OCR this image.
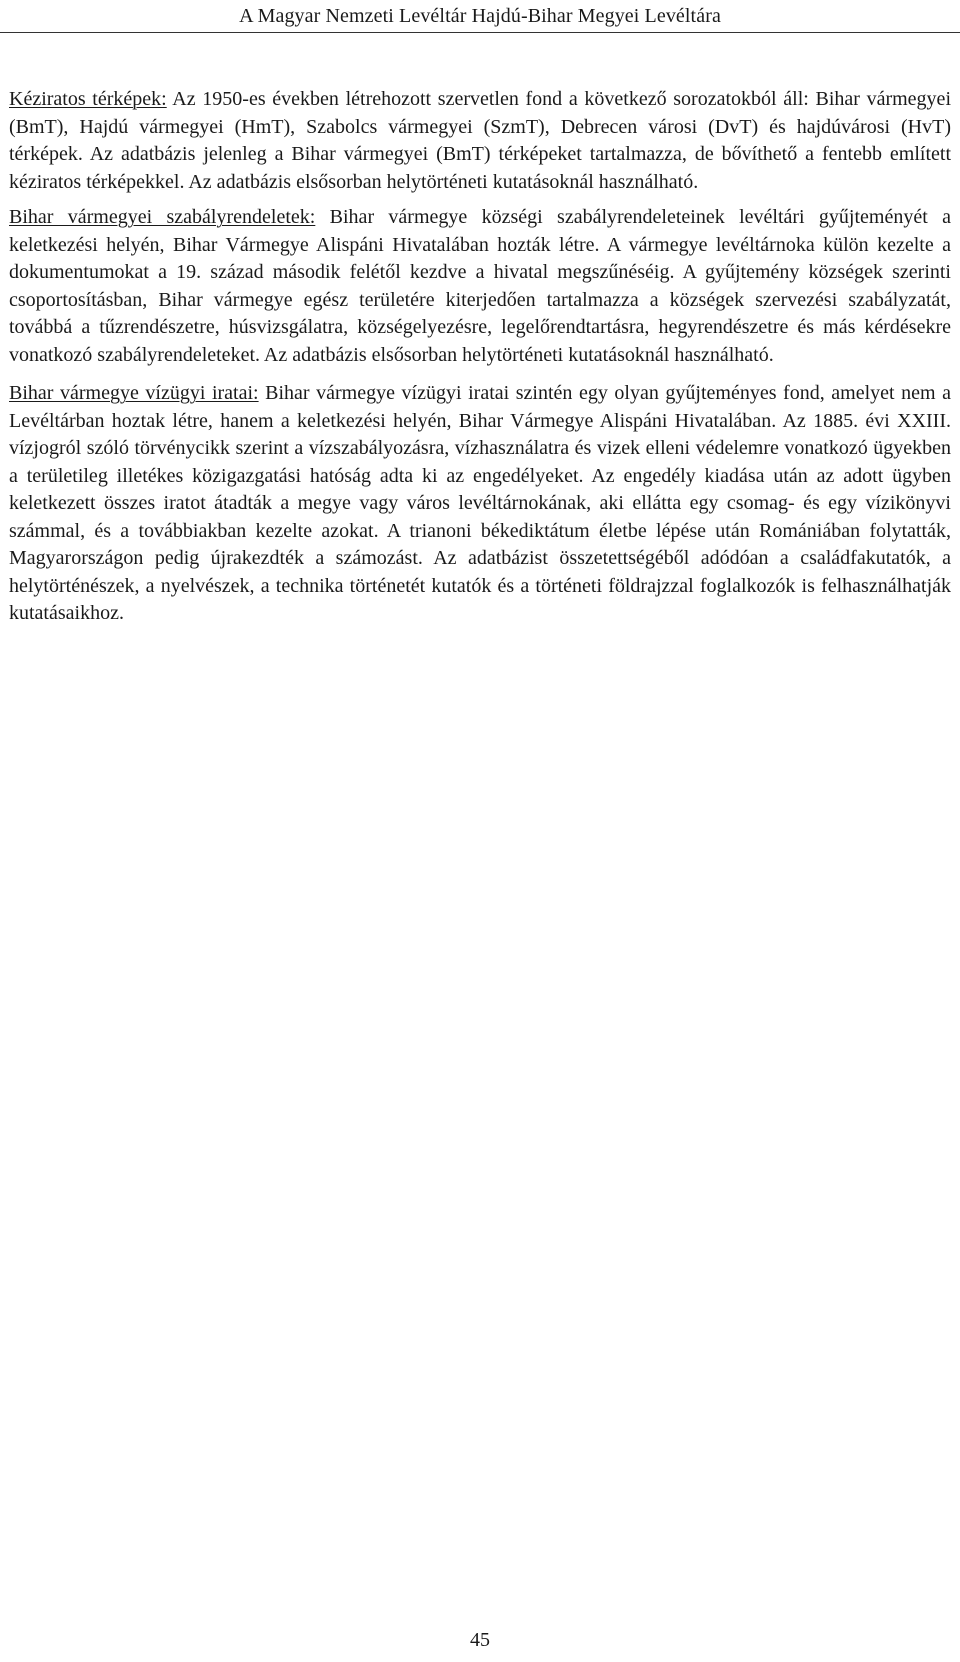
A Magyar Nemzeti Levéltár Hajdú-Bihar Megyei Levéltára

Kéziratos térképek: Az 1950-es években létrehozott szervetlen fond a következő sorozatokból áll: Bihar vármegyei (BmT), Hajdú vármegyei (HmT), Szabolcs vármegyei (SzmT), Debrecen városi (DvT) és hajdúvárosi (HvT) térképek. Az adatbázis jelenleg a Bihar vármegyei (BmT) térképeket tartalmazza, de bővíthető a fentebb említett kéziratos térképekkel. Az adatbázis elsősorban helytörténeti kutatásoknál használható.

Bihar vármegyei szabályrendeletek: Bihar vármegye községi szabályrendeleteinek levéltári gyűjteményét a keletkezési helyén, Bihar Vármegye Alispáni Hivatalában hozták létre. A vármegye levéltárnoka külön kezelte a dokumentumokat a 19. század második felétől kezdve a hivatal megszűnéséig. A gyűjtemény községek szerinti csoportosításban, Bihar vármegye egész területére kiterjedően tartalmazza a községek szervezési szabályzatát, továbbá a tűzrendészetre, húsvizsgálatra, községelyezésre, legelőrendtartásra, hegyrendészetre és más kérdésekre vonatkozó szabályrendeleteket. Az adatbázis elsősorban helytörténeti kutatásoknál használható.

Bihar vármegye vízügyi iratai: Bihar vármegye vízügyi iratai szintén egy olyan gyűjteményes fond, amelyet nem a Levéltárban hoztak létre, hanem a keletkezési helyén, Bihar Vármegye Alispáni Hivatalában. Az 1885. évi XXIII. vízjogról szóló törvénycikk szerint a vízszabályozásra, vízhasználatra és vizek elleni védelemre vonatkozó ügyekben a területileg illetékes közigazgatási hatóság adta ki az engedélyeket. Az engedély kiadása után az adott ügyben keletkezett összes iratot átadták a megye vagy város levéltárnokának, aki ellátta egy csomag- és egy vízikönyvi számmal, és a továbbiakban kezelte azokat. A trianoni békediktátum életbe lépése után Romániában folytatták, Magyarországon pedig újrakezdték a számozást. Az adatbázist összetettségéből adódóan a családfakutatók, a helytörténészek, a nyelvészek, a technika történetét kutatók és a történeti földrajzzal foglalkozók is felhasználhatják kutatásaikhoz.

45
